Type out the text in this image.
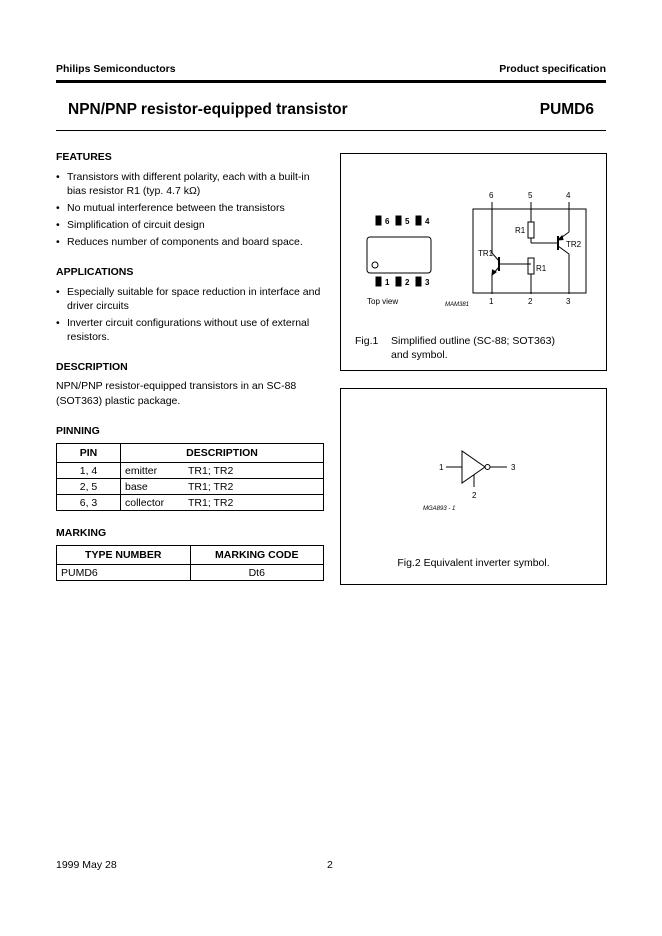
Philips Semiconductors	Product specification
NPN/PNP resistor-equipped transistor	PUMD6
FEATURES
• Transistors with different polarity, each with a built-in bias resistor R1 (typ. 4.7 kΩ)
• No mutual interference between the transistors
• Simplification of circuit design
• Reduces number of components and board space.
APPLICATIONS
• Especially suitable for space reduction in interface and driver circuits
• Inverter circuit configurations without use of external resistors.
DESCRIPTION
NPN/PNP resistor-equipped transistors in an SC-88 (SOT363) plastic package.
PINNING
PIN	DESCRIPTION	
1, 4	emitter	TR1; TR2
2, 5	base	TR1; TR2
6, 3	collector	TR1; TR2
MARKING
TYPE NUMBER	MARKING CODE
PUMD6	Dt6
6 5 4
1 2 3
Top view	MAM381
6	5	4
1	2	3
TR1
TR2
R1
R1
Fig.1 Simplified outline (SC-88; SOT363)
and symbol.
1	3
2
MGA893 - 1
Fig.2 Equivalent inverter symbol.
1999 May 28	2
